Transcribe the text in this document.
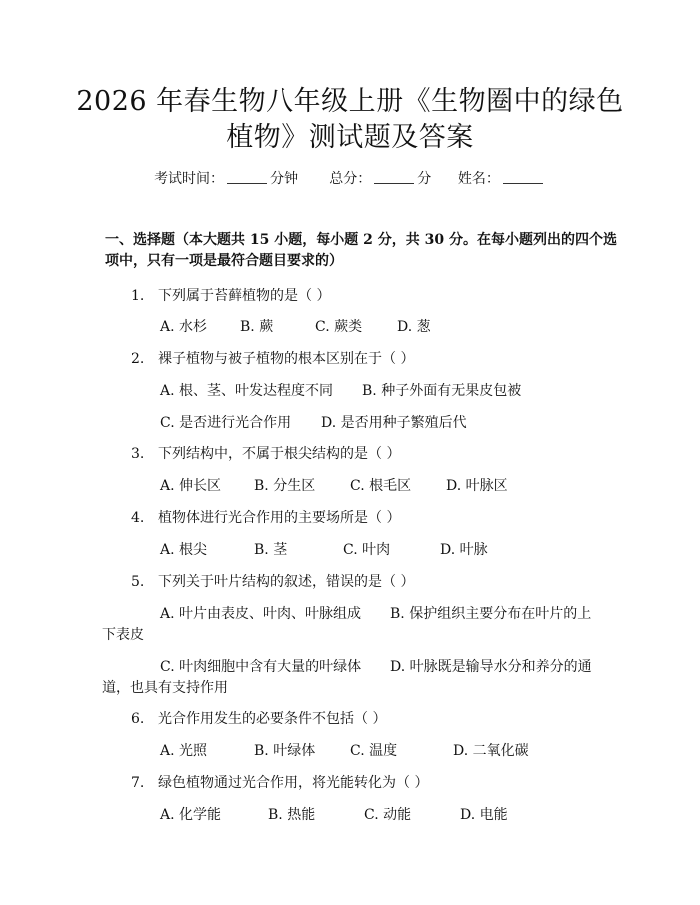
2026 年春生物八年级上册《生物圈中的绿色
植物》测试题及答案
考试时间：	分钟 总分：	分 姓名：
一、选择题（本大题共 15 小题，每小题 2 分，共 30 分。在每小题列出的四个选
项中，只有一项是最符合题目要求的）
1. 下列属于苔藓植物的是（ ）
A. 水杉 B. 蕨	C. 蕨类 D. 葱
2. 裸子植物与被子植物的根本区别在于（ ）
A. 根、茎、叶发达程度不同 B. 种子外面有无果皮包被
C. 是否进行光合作用 D. 是否用种子繁殖后代
3. 下列结构中，不属于根尖结构的是（ ）
A. 伸长区 B. 分生区 C. 根毛区 D. 叶脉区
4. 植物体进行光合作用的主要场所是（ ）
A. 根尖	B. 茎	C. 叶肉	D. 叶脉
5. 下列关于叶片结构的叙述，错误的是（ ）
A. 叶片由表皮、叶肉、叶脉组成 B. 保护组织主要分布在叶片的上
下表皮
C. 叶肉细胞中含有大量的叶绿体 D. 叶脉既是输导水分和养分的通
道，也具有支持作用
6. 光合作用发生的必要条件不包括（ ）
A. 光照	B. 叶绿体 C. 温度	D. 二氧化碳
7. 绿色植物通过光合作用，将光能转化为（ ）
A. 化学能	B. 热能	C. 动能	D. 电能
